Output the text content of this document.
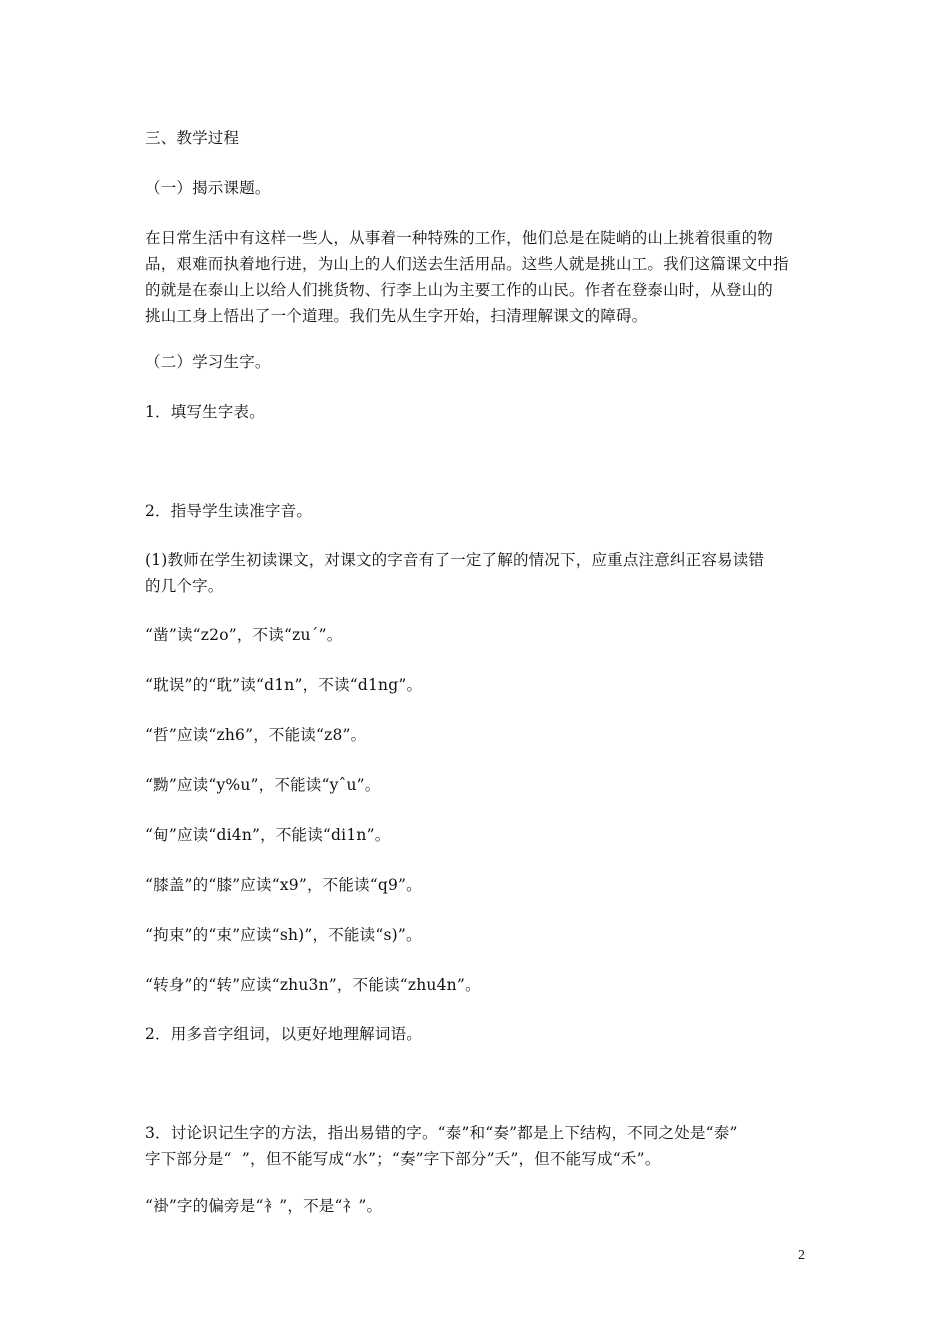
三、教学过程
（一）揭示课题。
在日常生活中有这样一些人，从事着一种特殊的工作，他们总是在陡峭的山上挑着很重的物
品，艰难而执着地行进，为山上的人们送去生活用品。这些人就是挑山工。我们这篇课文中指
的就是在泰山上以给人们挑货物、行李上山为主要工作的山民。作者在登泰山时，从登山的
挑山工身上悟出了一个道理。我们先从生字开始，扫清理解课文的障碍。
（二）学习生字。
1．填写生字表。
2．指导学生读准字音。
(1)教师在学生初读课文，对课文的字音有了一定了解的情况下，应重点注意纠正容易读错
的几个字。
“凿”读“z2o”，不读“zuˊ”。
“耽误”的“耽”读“d1n”，不读“d1ng”。
“哲”应读“zh6”，不能读“z8”。
“黝”应读“y%u”，不能读“yˆu”。
“甸”应读“di4n”，不能读“di1n”。
“膝盖”的“膝”应读“x9”，不能读“q9”。
“拘束”的“束”应读“sh)”，不能读“s)”。
“转身”的“转”应读“zhu3n”，不能读“zhu4n”。
2．用多音字组词，以更好地理解词语。
3．讨论识记生字的方法，指出易错的字。“泰”和“奏”都是上下结构，不同之处是“泰”
字下部分是“  ”，但不能写成“水”；“奏”字下部分”夭”，但不能写成“禾”。
“褂”字的偏旁是“衤”，不是“礻”。
2
